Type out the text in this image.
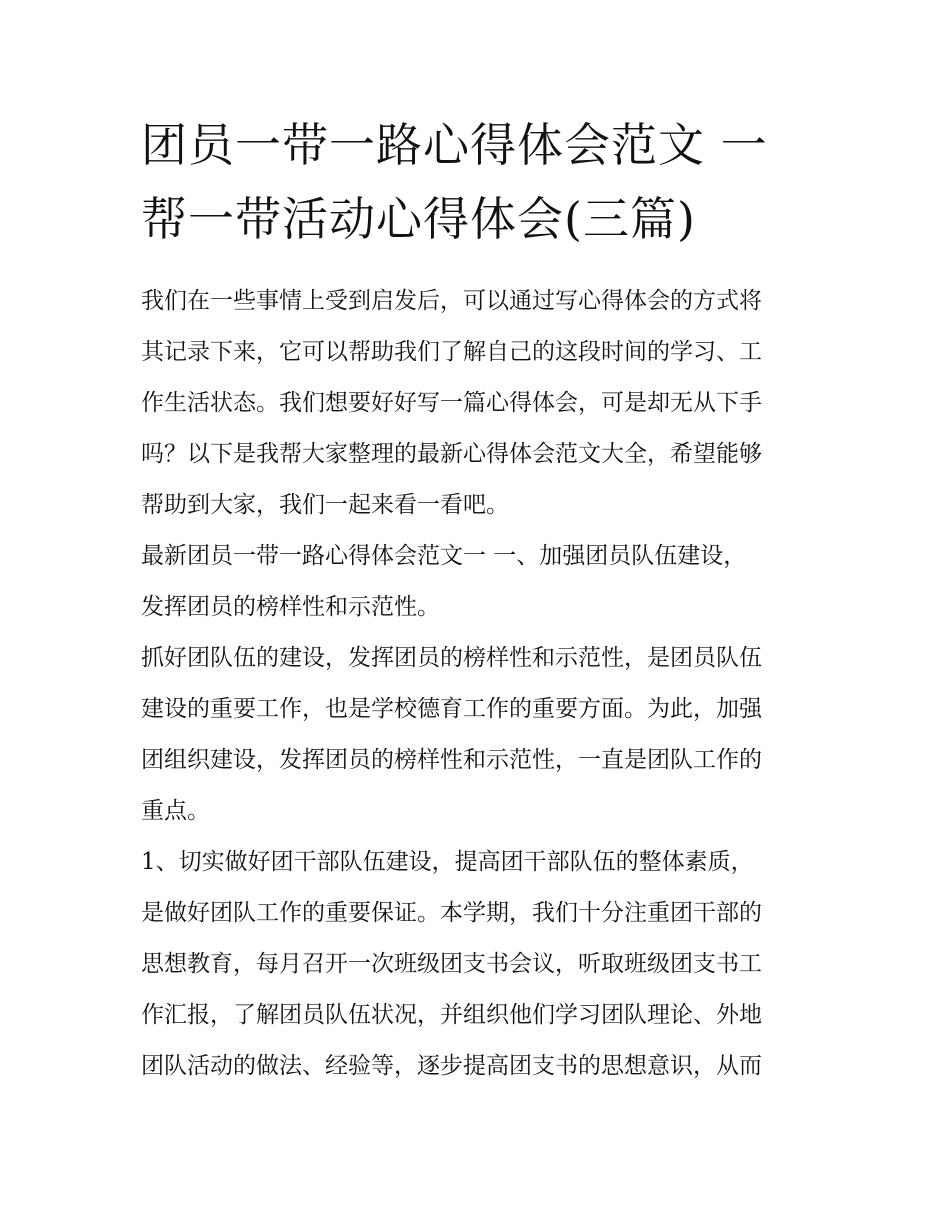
团员一带一路心得体会范文 一
帮一带活动心得体会(三篇)

我们在一些事情上受到启发后，可以通过写心得体会的方式将
其记录下来，它可以帮助我们了解自己的这段时间的学习、工
作生活状态。我们想要好好写一篇心得体会，可是却无从下手
吗？以下是我帮大家整理的最新心得体会范文大全，希望能够
帮助到大家，我们一起来看一看吧。

最新团员一带一路心得体会范文一 一、加强团员队伍建设，
发挥团员的榜样性和示范性。

抓好团队伍的建设，发挥团员的榜样性和示范性，是团员队伍
建设的重要工作，也是学校德育工作的重要方面。为此，加强
团组织建设，发挥团员的榜样性和示范性，一直是团队工作的
重点。

1、切实做好团干部队伍建设，提高团干部队伍的整体素质，
是做好团队工作的重要保证。本学期，我们十分注重团干部的
思想教育，每月召开一次班级团支书会议，听取班级团支书工
作汇报，了解团员队伍状况，并组织他们学习团队理论、外地
团队活动的做法、经验等，逐步提高团支书的思想意识，从而
